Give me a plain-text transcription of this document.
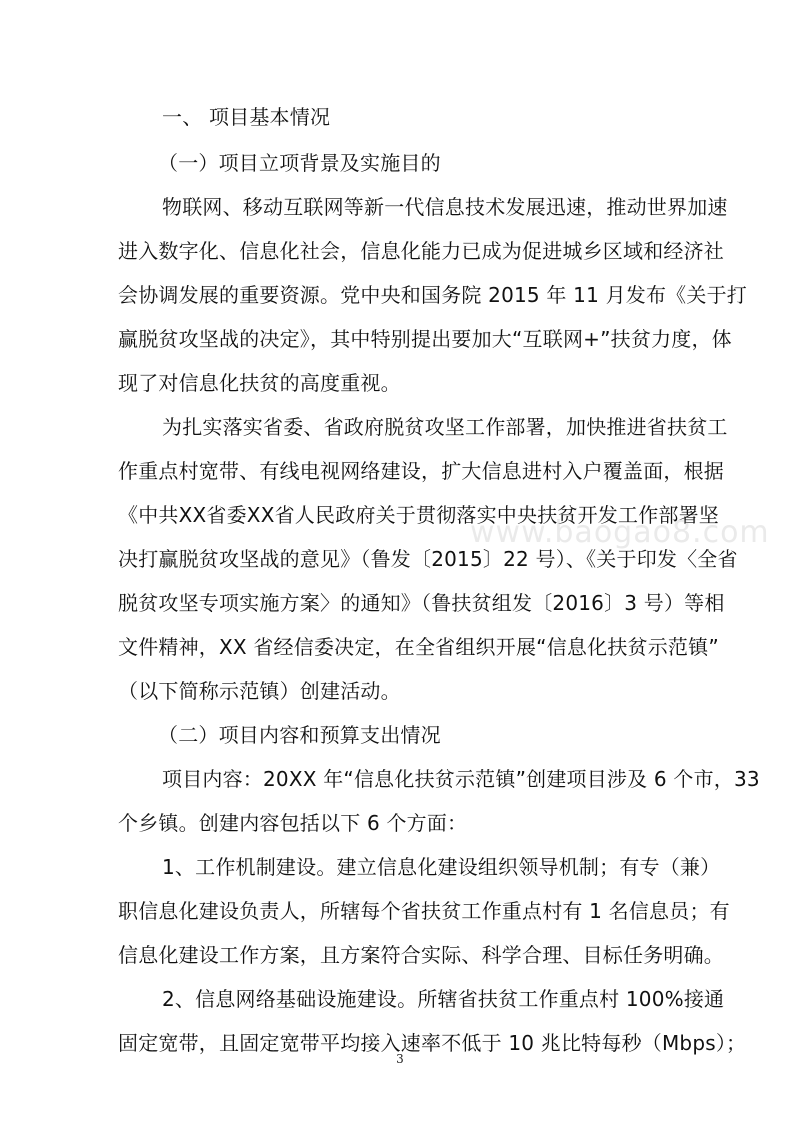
一、 项目基本情况
（一）项目立项背景及实施目的
物联网、移动互联网等新一代信息技术发展迅速，推动世界加速
进入数字化、信息化社会，信息化能力已成为促进城乡区域和经济社
会协调发展的重要资源。党中央和国务院 2015 年 11 月发布《关于打
赢脱贫攻坚战的决定》，其中特别提出要加大“互联网+”扶贫力度，体
现了对信息化扶贫的高度重视。
为扎实落实省委、省政府脱贫攻坚工作部署，加快推进省扶贫工
作重点村宽带、有线电视网络建设，扩大信息进村入户覆盖面，根据
《中共XX省委XX省人民政府关于贯彻落实中央扶贫开发工作部署坚
决打赢脱贫攻坚战的意见》（鲁发〔2015〕22 号）、《关于印发〈全省
脱贫攻坚专项实施方案〉的通知》（鲁扶贫组发〔2016〕3 号）等相
文件精神，XX 省经信委决定，在全省组织开展“信息化扶贫示范镇”
（以下简称示范镇）创建活动。
（二）项目内容和预算支出情况
项目内容：20XX 年“信息化扶贫示范镇”创建项目涉及 6 个市，33
个乡镇。创建内容包括以下 6 个方面：
1、工作机制建设。建立信息化建设组织领导机制；有专（兼）
职信息化建设负责人，所辖每个省扶贫工作重点村有 1 名信息员；有
信息化建设工作方案，且方案符合实际、科学合理、目标任务明确。
2、信息网络基础设施建设。所辖省扶贫工作重点村 100%接通
固定宽带，且固定宽带平均接入速率不低于 10 兆比特每秒（Mbps）；
www.baogao8.com
3
